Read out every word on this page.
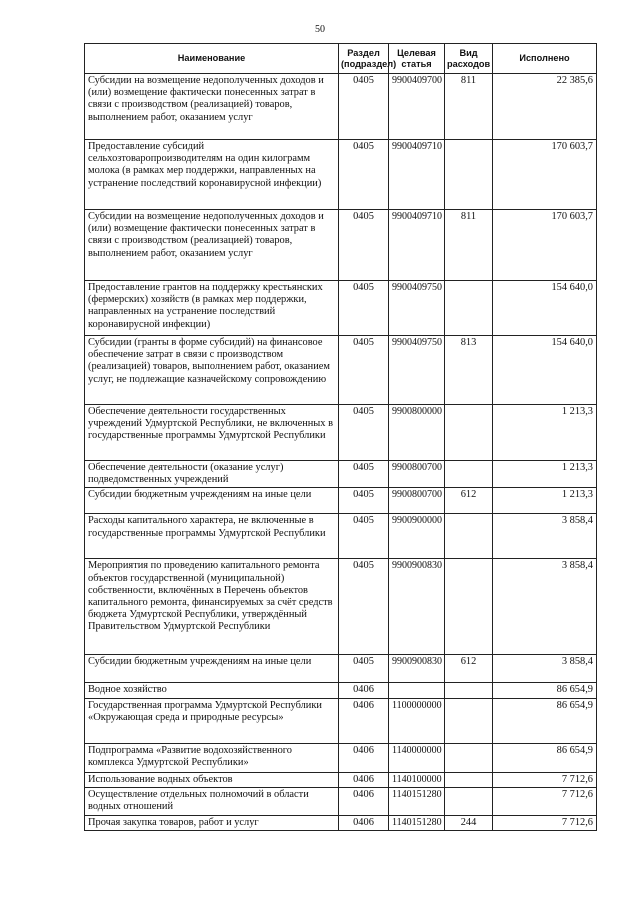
50
Наименование	Раздел (подраздел)	Целевая статья	Вид расходов	Исполнено
Субсидии на возмещение недополученных доходов и (или) возмещение фактически понесенных затрат в связи с производством (реализацией) товаров, выполнением работ, оказанием услуг	0405	9900409700	811	22 385,6
Предоставление субсидий сельхозтоваропроизводителям на один килограмм молока (в рамках мер поддержки, направленных на устранение последствий коронавирусной инфекции)	0405	9900409710		170 603,7
Субсидии на возмещение недополученных доходов и (или) возмещение фактически понесенных затрат в связи с производством (реализацией) товаров, выполнением работ, оказанием услуг	0405	9900409710	811	170 603,7
Предоставление грантов на поддержку крестьянских (фермерских) хозяйств (в рамках мер поддержки, направленных на устранение последствий коронавирусной инфекции)	0405	9900409750		154 640,0
Субсидии (гранты в форме субсидий) на финансовое обеспечение затрат в связи с производством (реализацией) товаров, выполнением работ, оказанием услуг, не подлежащие казначейскому сопровождению	0405	9900409750	813	154 640,0
Обеспечение деятельности государственных учреждений Удмуртской Республики, не включенных в государственные программы Удмуртской Республики	0405	9900800000		1 213,3
Обеспечение деятельности (оказание услуг) подведомственных учреждений	0405	9900800700		1 213,3
Субсидии бюджетным учреждениям на иные цели	0405	9900800700	612	1 213,3
Расходы капитального характера, не включенные в государственные программы Удмуртской Республики	0405	9900900000		3 858,4
Мероприятия по проведению капитального ремонта объектов государственной (муниципальной) собственности, включённых в Перечень объектов капитального ремонта, финансируемых за счёт средств бюджета Удмуртской Республики, утверждённый Правительством Удмуртской Республики	0405	9900900830		3 858,4
Субсидии бюджетным учреждениям на иные цели	0405	9900900830	612	3 858,4
Водное хозяйство	0406			86 654,9
Государственная программа Удмуртской Республики «Окружающая среда и природные ресурсы»	0406	1100000000		86 654,9
Подпрограмма «Развитие водохозяйственного комплекса Удмуртской Республики»	0406	1140000000		86 654,9
Использование водных объектов	0406	1140100000		7 712,6
Осуществление отдельных полномочий в области водных отношений	0406	1140151280		7 712,6
Прочая закупка товаров, работ и услуг	0406	1140151280	244	7 712,6
